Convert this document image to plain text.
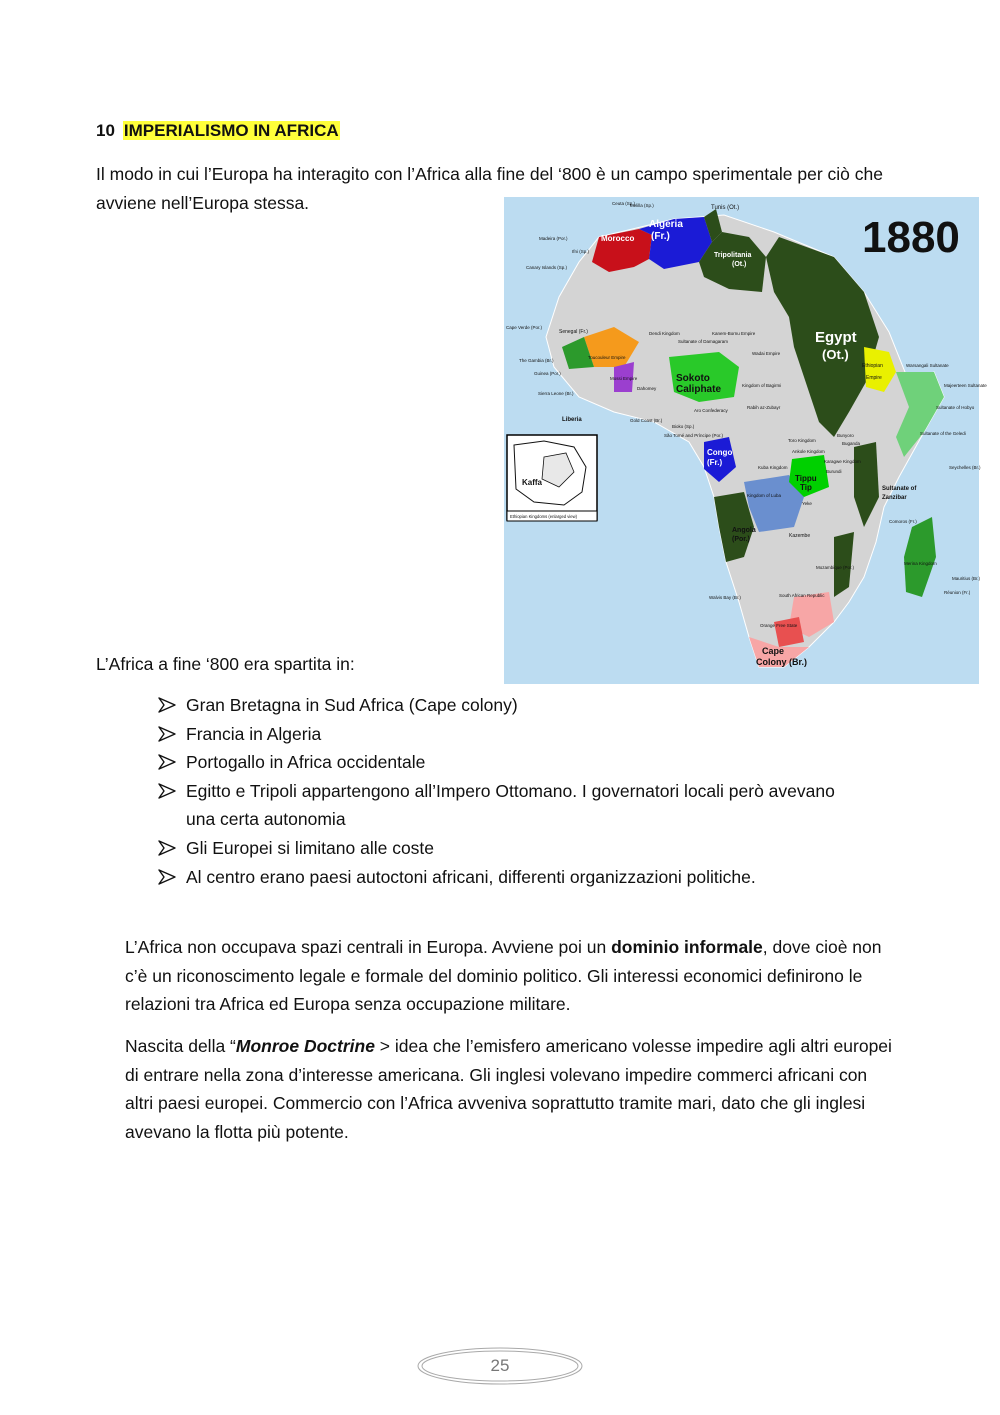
10 IMPERIALISMO IN AFRICA

Il modo in cui l’Europa ha interagito con l’Africa alla fine del ‘800 è un campo sperimentale per ciò che avviene nell’Europa stessa.

Kaffa
Ethiopian Kingdoms (enlarged view)
1880
Algeria
(Fr.)
Morocco
Tunis (Ot.)
Tripolitania
(Ot.)
Egypt
(Ot.)
Sokoto
Caliphate
Congo
(Fr.)
Angola
(Por.)
Tippu
Tip
Cape
Colony (Br.)
Sultanate of
Zanzibar
Liberia
Madeira (Por.)
Canary Islands (Sp.)
Cape Verde (Por.)
Senegal (Fr.)
Ethiopian
Empire
Warsangali Sultanate
Majeerteen Sultanate
Sultanate of Hobyo
Sultanate of the Geledi
Merina Kingdom
Kazembe
Orange Free State
South African Republic
Walvis Bay (Br.)
Mozambique (Por.)
Seychelles (Br.)
Mauritius (Br.)
Réunion (Fr.)
Comoros (Fr.)
Wadai Empire
Kanem-Bornu Empire
Dendi Kingdom
Yeke
Kingdom of Luba
Bunyoro
Buganda
Toro Kingdom
Ankole Kingdom
Karagwe Kingdom
Burundi
Kuba Kingdom
São Tomé and Príncipe (Por.)
Bioko (Sp.)
Aro Confederacy
Gold Coast (Br.)
Dahomey
Rabih az-Zubayr
Kingdom of Bagirmi
Sultanate of Damagaram
Toucouleur Empire
Mossi Empire
The Gambia (Br.)
Guinea (Por.)
Sierra Leone (Br.)
Ceuta (Sp.)
Melilla (Sp.)
Ifni (Sp.)

L’Africa a fine ‘800 era spartita in:

Gran Bretagna in Sud Africa (Cape colony)
Francia in Algeria
Portogallo in Africa occidentale
Egitto e Tripoli appartengono all’Impero Ottomano. I governatori locali però avevano una certa autonomia
Gli Europei si limitano alle coste
Al centro erano paesi autoctoni africani, differenti organizzazioni politiche.

L’Africa non occupava spazi centrali in Europa. Avviene poi un dominio informale, dove cioè non c’è un riconoscimento legale e formale del dominio politico. Gli interessi economici definirono le relazioni tra Africa ed Europa senza occupazione militare.

Nascita della “Monroe Doctrine > idea che l’emisfero americano volesse impedire agli altri europei di entrare nella zona d’interesse americana. Gli inglesi volevano impedire commerci africani con altri paesi europei. Commercio con l’Africa avveniva soprattutto tramite mari, dato che gli inglesi avevano la flotta più potente.

25
